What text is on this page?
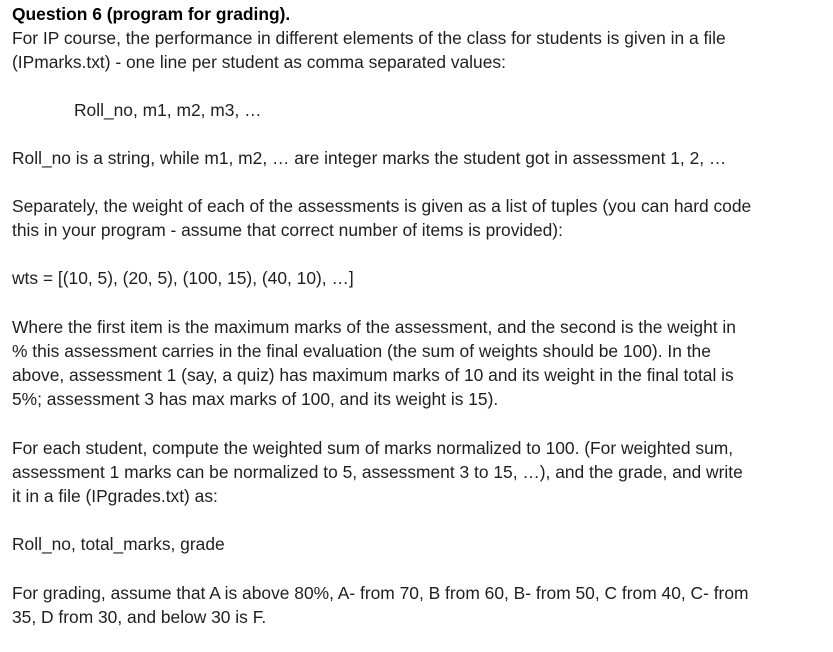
Question 6 (program for grading).

For IP course, the performance in different elements of the class for students is given in a file

(IPmarks.txt) - one line per student as comma separated values:

Roll_no, m1, m2, m3, …

Roll_no is a string, while m1, m2, … are integer marks the student got in assessment 1, 2, …

Separately, the weight of each of the assessments is given as a list of tuples (you can hard code

this in your program - assume that correct number of items is provided):

wts = [(10, 5), (20, 5), (100, 15), (40, 10), …]

Where the first item is the maximum marks of the assessment, and the second is the weight in

% this assessment carries in the final evaluation (the sum of weights should be 100). In the

above, assessment 1 (say, a quiz) has maximum marks of 10 and its weight in the final total is

5%; assessment 3 has max marks of 100, and its weight is 15).

For each student, compute the weighted sum of marks normalized to 100. (For weighted sum,

assessment 1 marks can be normalized to 5, assessment 3 to 15, …), and the grade, and write

it in a file (IPgrades.txt) as:

Roll_no, total_marks, grade

For grading, assume that A is above 80%, A- from 70, B from 60, B- from 50, C from 40, C- from

35, D from 30, and below 30 is F.
